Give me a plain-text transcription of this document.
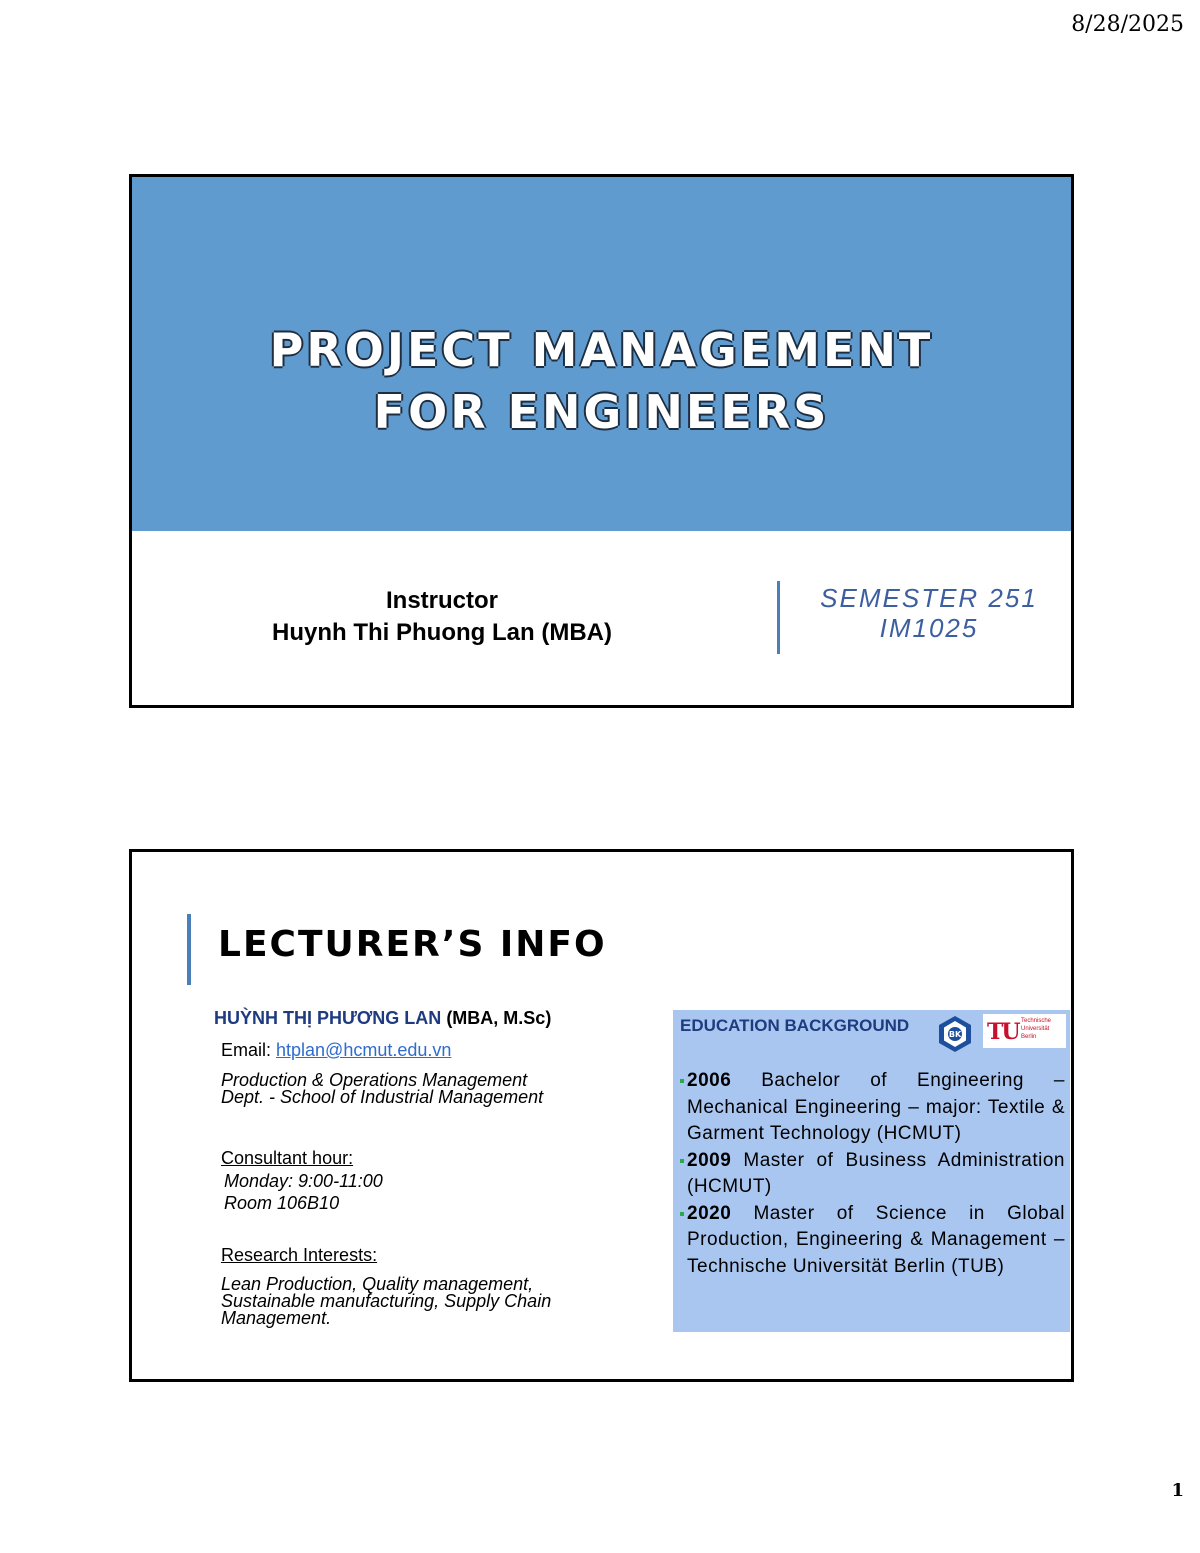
8/28/2025
PROJECT MANAGEMENT
FOR ENGINEERS
Instructor
Huynh Thi Phuong Lan (MBA)
SEMESTER 251
IM1025
LECTURER’S INFO
HUỲNH THỊ PHƯƠNG LAN (MBA, M.Sc)
Email: htplan@hcmut.edu.vn
Production & Operations Management
Dept. - School of Industrial Management
Consultant hour:
Monday: 9:00-11:00
Room 106B10
Research Interests:
Lean Production, Quality management,
Sustainable manufacturing, Supply Chain
Management.
EDUCATION BACKGROUND	BK TU Technische Universität Berlin
2006 Bachelor of Engineering – Mechanical Engineering – major: Textile & Garment Technology (HCMUT)
2009 Master of Business Administration (HCMUT)
2020 Master of Science in Global Production, Engineering & Management – Technische Universität Berlin (TUB)
1
